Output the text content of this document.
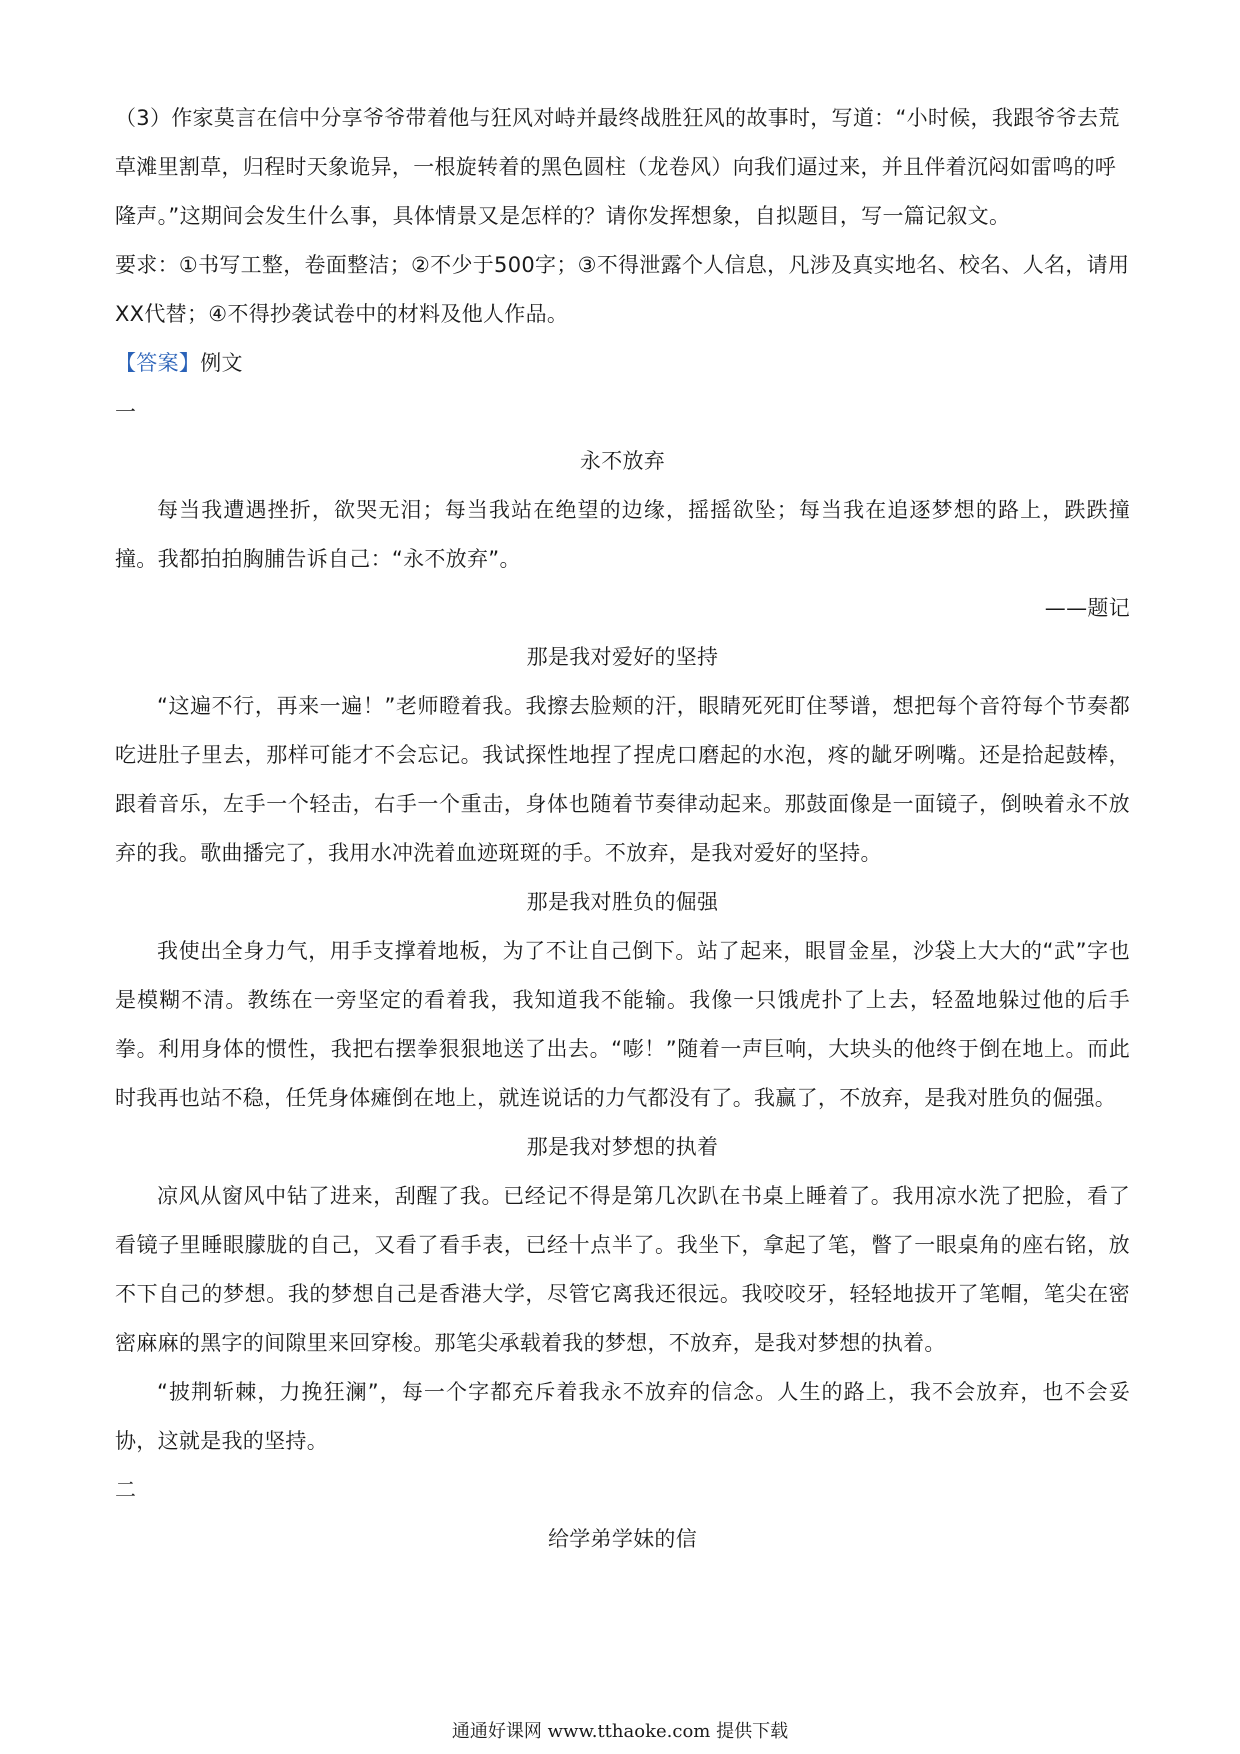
（3）作家莫言在信中分享爷爷带着他与狂风对峙并最终战胜狂风的故事时，写道：“小时候，我跟爷爷去荒草滩里割草，归程时天象诡异，一根旋转着的黑色圆柱（龙卷风）向我们逼过来，并且伴着沉闷如雷鸣的呼隆声。”这期间会发生什么事，具体情景又是怎样的？请你发挥想象，自拟题目，写一篇记叙文。

要求：①书写工整，卷面整洁；②不少于500字；③不得泄露个人信息，凡涉及真实地名、校名、人名，请用XX代替；④不得抄袭试卷中的材料及他人作品。

【答案】例文

一

永不放弃

每当我遭遇挫折，欲哭无泪；每当我站在绝望的边缘，摇摇欲坠；每当我在追逐梦想的路上，跌跌撞撞。我都拍拍胸脯告诉自己：“永不放弃”。

——题记

那是我对爱好的坚持

“这遍不行，再来一遍！”老师瞪着我。我擦去脸颊的汗，眼睛死死盯住琴谱，想把每个音符每个节奏都吃进肚子里去，那样可能才不会忘记。我试探性地捏了捏虎口磨起的水泡，疼的龇牙咧嘴。还是拾起鼓棒，跟着音乐，左手一个轻击，右手一个重击，身体也随着节奏律动起来。那鼓面像是一面镜子，倒映着永不放弃的我。歌曲播完了，我用水冲洗着血迹斑斑的手。不放弃，是我对爱好的坚持。

那是我对胜负的倔强

我使出全身力气，用手支撑着地板，为了不让自己倒下。站了起来，眼冒金星，沙袋上大大的“武”字也是模糊不清。教练在一旁坚定的看着我，我知道我不能输。我像一只饿虎扑了上去，轻盈地躲过他的后手拳。利用身体的惯性，我把右摆拳狠狠地送了出去。“嘭！”随着一声巨响，大块头的他终于倒在地上。而此时我再也站不稳，任凭身体瘫倒在地上，就连说话的力气都没有了。我赢了，不放弃，是我对胜负的倔强。

那是我对梦想的执着

凉风从窗风中钻了进来，刮醒了我。已经记不得是第几次趴在书桌上睡着了。我用凉水洗了把脸，看了看镜子里睡眼朦胧的自己，又看了看手表，已经十点半了。我坐下，拿起了笔，瞥了一眼桌角的座右铭，放不下自己的梦想。我的梦想自己是香港大学，尽管它离我还很远。我咬咬牙，轻轻地拔开了笔帽，笔尖在密密麻麻的黑字的间隙里来回穿梭。那笔尖承载着我的梦想，不放弃，是我对梦想的执着。

“披荆斩棘，力挽狂澜”，每一个字都充斥着我永不放弃的信念。人生的路上，我不会放弃，也不会妥协，这就是我的坚持。

二

给学弟学妹的信

通通好课网 www.tthaoke.com 提供下载
